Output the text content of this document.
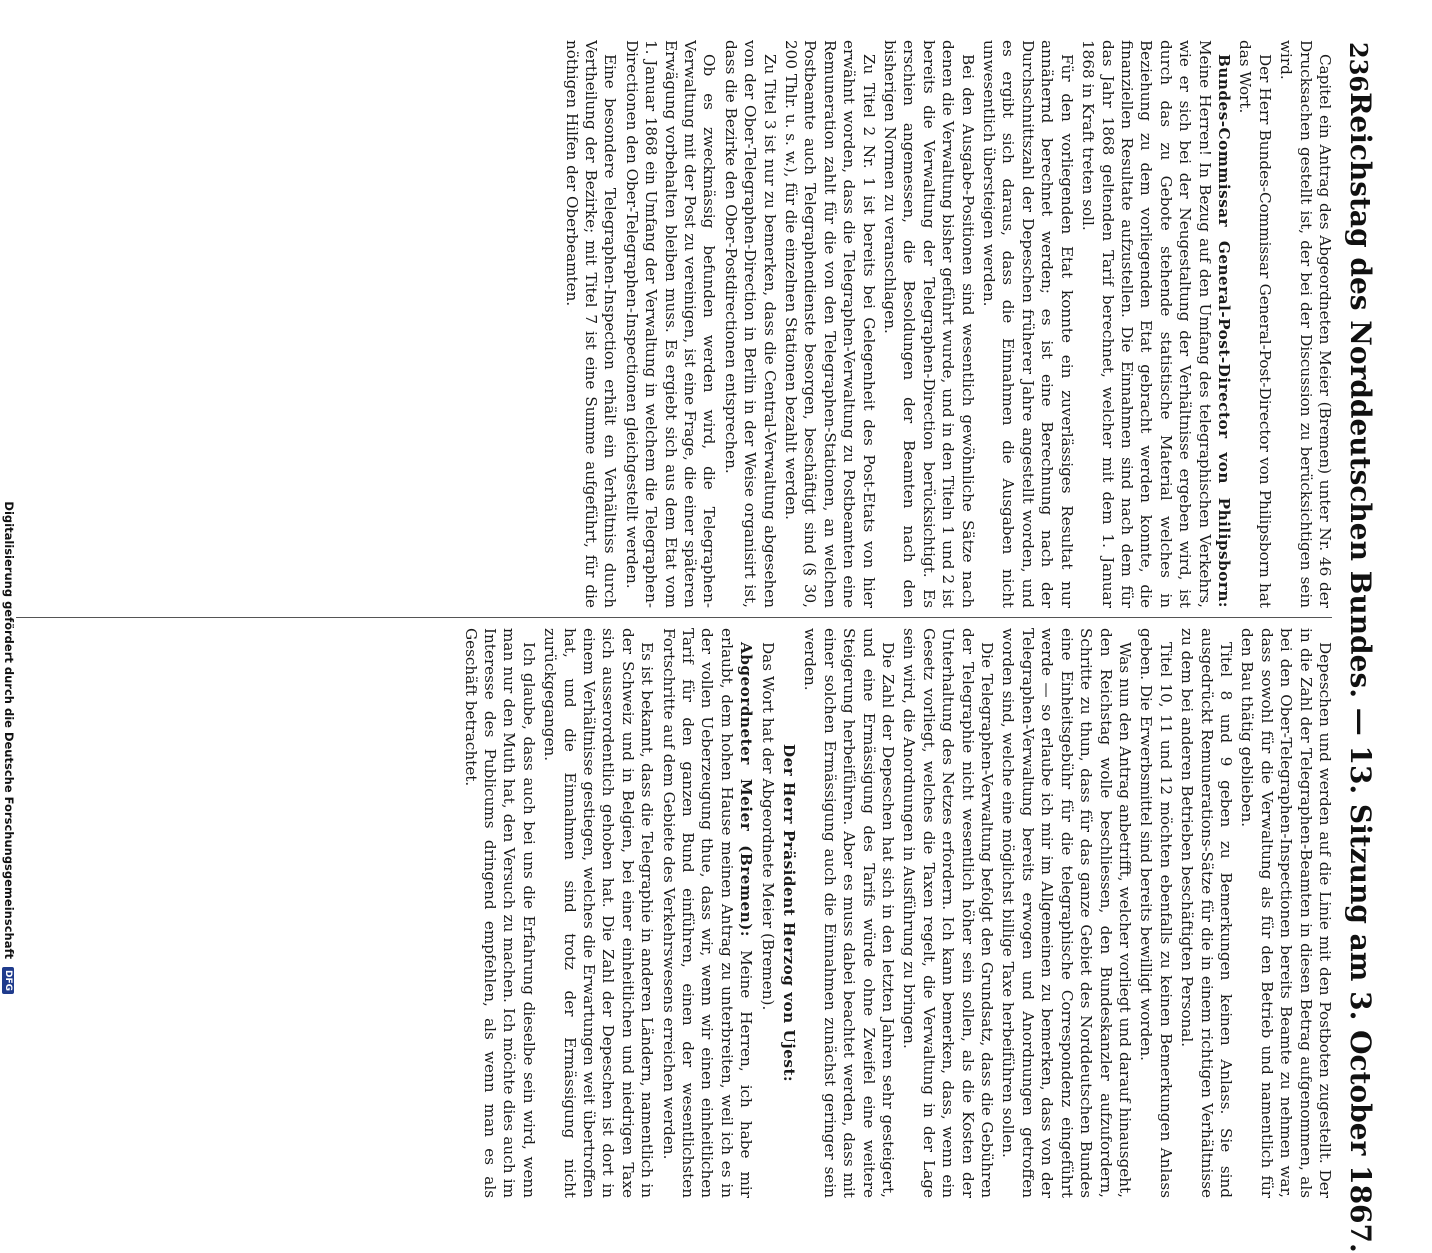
236
Reichstag des Norddeutschen Bundes. — 13. Sitzung am 3. October 1867.

Capitel ein Antrag des Abgeordneten Meier (Bremen) unter Nr. 46 der Drucksachen gestellt ist, der bei der Discussion zu berücksichtigen sein wird.

Der Herr Bundes-Commissar General-Post-Director von Philipsborn hat das Wort.

Bundes-Commissar General-Post-Director von Philipsborn: Meine Herren! In Bezug auf den Umfang des telegraphischen Verkehrs, wie er sich bei der Neugestaltung der Verhältnisse ergeben wird, ist durch das zu Gebote stehende statistische Material welches in Beziehung zu dem vorliegenden Etat gebracht werden konnte, die finanziellen Resultate aufzustellen. Die Einnahmen sind nach dem für das Jahr 1868 geltenden Tarif berechnet, welcher mit dem 1. Januar 1868 in Kraft treten soll.

Für den vorliegenden Etat konnte ein zuverlässiges Resultat nur annähernd berechnet werden; es ist eine Berechnung nach der Durchschnittszahl der Depeschen früherer Jahre angestellt worden, und es ergibt sich daraus, dass die Einnahmen die Ausgaben nicht unwesentlich übersteigen werden.

Bei den Ausgabe-Positionen sind wesentlich gewöhnliche Sätze nach denen die Verwaltung bisher geführt wurde, und in den Titeln 1 und 2 ist bereits die Verwaltung der Telegraphen-Direction berücksichtigt. Es erschien angemessen, die Besoldungen der Beamten nach den bisherigen Normen zu veranschlagen.

Zu Titel 2 Nr. 1 ist bereits bei Gelegenheit des Post-Etats von hier erwähnt worden, dass die Telegraphen-Verwaltung zu Postbeamten eine Remuneration zahlt für die von den Telegraphen-Stationen, an welchen Postbeamte auch Telegraphendienste besorgen, beschäftigt sind (§ 30, 200 Thlr. u. s. w.), für die einzelnen Stationen bezahlt werden.

Zu Titel 3 ist nur zu bemerken, dass die Central-Verwaltung abgesehen von der Ober-Telegraphen-Direction in Berlin in der Weise organisirt ist, dass die Bezirke den Ober-Postdirectionen entsprechen.

Ob es zweckmässig befunden werden wird, die Telegraphen-Verwaltung mit der Post zu vereinigen, ist eine Frage, die einer späteren Erwägung vorbehalten bleiben muss. Es ergiebt sich aus dem Etat vom 1. Januar 1868 ein Umfang der Verwaltung in welchem die Telegraphen-Directionen den Ober-Telegraphen-Inspectionen gleichgestellt werden.

Eine besondere Telegraphen-Inspection erhält ein Verhältniss durch Vertheilung der Bezirke; mit Titel 7 ist eine Summe aufgeführt, für die nöthigen Hilfen der Oberbeamten.

Depeschen und werden auf die Linie mit den Postboten zugestellt. Der in die Zahl der Telegraphen-Beamten in diesen Betrag aufgenommen, als bei den Ober-Telegraphen-Inspectionen bereits Beamte zu nehmen war, dass sowohl für die Verwaltung als für den Betrieb und namentlich für den Bau thätig geblieben.

Titel 8 und 9 geben zu Bemerkungen keinen Anlass. Sie sind ausgedrückt Remunerations-Sätze für die in einem richtigen Verhältnisse zu dem bei anderen Betrieben beschäftigten Personal.

Titel 10, 11 und 12 möchten ebenfalls zu keinen Bemerkungen Anlass geben. Die Erwerbsmittel sind bereits bewilligt worden.

Was nun den Antrag anbetrifft, welcher vorliegt und darauf hinausgeht, den Reichstag wolle beschliessen, den Bundeskanzler aufzufordern, Schritte zu thun, dass für das ganze Gebiet des Norddeutschen Bundes eine Einheitsgebühr für die telegraphische Correspondenz eingeführt werde — so erlaube ich mir im Allgemeinen zu bemerken, dass von der Telegraphen-Verwaltung bereits erwogen und Anordnungen getroffen worden sind, welche eine möglichst billige Taxe herbeiführen sollen.

Die Telegraphen-Verwaltung befolgt den Grundsatz, dass die Gebühren der Telegraphie nicht wesentlich höher sein sollen, als die Kosten der Unterhaltung des Netzes erfordern. Ich kann bemerken, dass, wenn ein Gesetz vorliegt, welches die Taxen regelt, die Verwaltung in der Lage sein wird, die Anordnungen in Ausführung zu bringen.

Die Zahl der Depeschen hat sich in den letzten Jahren sehr gesteigert, und eine Ermässigung des Tarifs würde ohne Zweifel eine weitere Steigerung herbeiführen. Aber es muss dabei beachtet werden, dass mit einer solchen Ermässigung auch die Einnahmen zunächst geringer sein werden.

Der Herr Präsident Herzog von Ujest:

Das Wort hat der Abgeordnete Meier (Bremen).

Abgeordneter Meier (Bremen): Meine Herren, ich habe mir erlaubt, dem hohen Hause meinen Antrag zu unterbreiten, weil ich es in der vollen Ueberzeugung thue, dass wir, wenn wir einen einheitlichen Tarif für den ganzen Bund einführen, einen der wesentlichsten Fortschritte auf dem Gebiete des Verkehrswesens erreichen werden.

Es ist bekannt, dass die Telegraphie in anderen Ländern, namentlich in der Schweiz und in Belgien, bei einer einheitlichen und niedrigen Taxe sich ausserordentlich gehoben hat. Die Zahl der Depeschen ist dort in einem Verhältnisse gestiegen, welches die Erwartungen weit übertroffen hat, und die Einnahmen sind trotz der Ermässigung nicht zurückgegangen.

Ich glaube, dass auch bei uns die Erfahrung dieselbe sein wird, wenn man nur den Muth hat, den Versuch zu machen. Ich möchte dies auch im Interesse des Publicums dringend empfehlen, als wenn man es als Geschäft betrachtet.

Digitalisierung gefördert durch die Deutsche Forschungsgemeinschaft DFG
